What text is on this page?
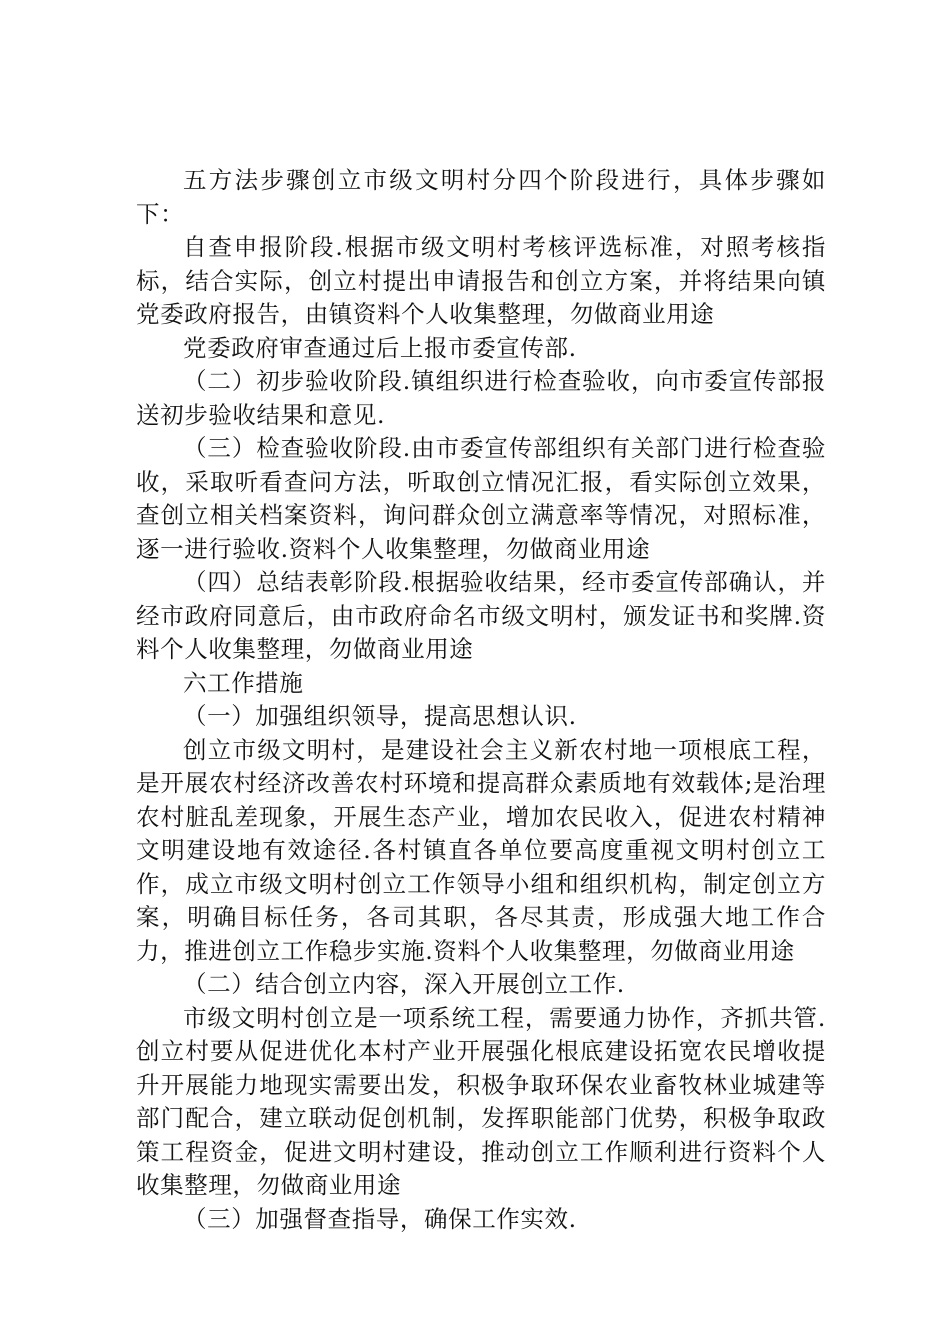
五方法步骤创立市级文明村分四个阶段进行，具体步骤如下：

自查申报阶段.根据市级文明村考核评选标准，对照考核指标，结合实际，创立村提出申请报告和创立方案，并将结果向镇党委政府报告，由镇资料个人收集整理，勿做商业用途

党委政府审查通过后上报市委宣传部.

（二）初步验收阶段.镇组织进行检查验收，向市委宣传部报送初步验收结果和意见.

（三）检查验收阶段.由市委宣传部组织有关部门进行检查验收，采取听看查问方法，听取创立情况汇报，看实际创立效果，查创立相关档案资料，询问群众创立满意率等情况，对照标准，逐一进行验收.资料个人收集整理，勿做商业用途

（四）总结表彰阶段.根据验收结果，经市委宣传部确认，并经市政府同意后，由市政府命名市级文明村，颁发证书和奖牌.资料个人收集整理，勿做商业用途

六工作措施

（一）加强组织领导，提高思想认识.

创立市级文明村，是建设社会主义新农村地一项根底工程，是开展农村经济改善农村环境和提高群众素质地有效载体;是治理农村脏乱差现象，开展生态产业，增加农民收入，促进农村精神文明建设地有效途径.各村镇直各单位要高度重视文明村创立工作，成立市级文明村创立工作领导小组和组织机构，制定创立方案，明确目标任务，各司其职，各尽其责，形成强大地工作合力，推进创立工作稳步实施.资料个人收集整理，勿做商业用途

（二）结合创立内容，深入开展创立工作.

市级文明村创立是一项系统工程，需要通力协作，齐抓共管.创立村要从促进优化本村产业开展强化根底建设拓宽农民增收提升开展能力地现实需要出发，积极争取环保农业畜牧林业城建等部门配合，建立联动促创机制，发挥职能部门优势，积极争取政策工程资金，促进文明村建设，推动创立工作顺利进行资料个人收集整理，勿做商业用途

（三）加强督查指导，确保工作实效.
